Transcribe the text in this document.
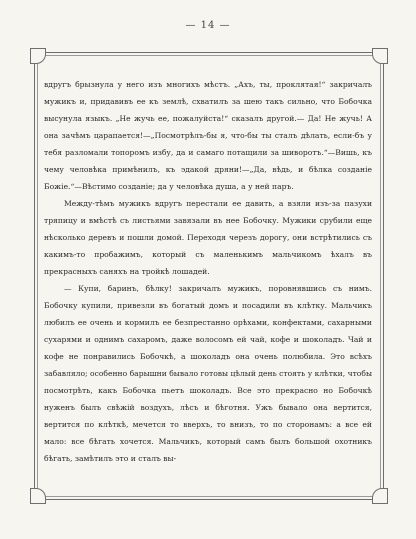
— 14 —

вдругъ брызнула у него изъ многихъ мѣстъ. „Ахъ, ты, проклятая!“ закричалъ мужикъ и, придавивъ ее къ землѣ, схватилъ за шею такъ сильно, что Бобочка высунула языкъ. „Не жучь ее, пожалуйста!“ сказалъ другой.— Да! Не жучь! А она зачѣмъ царапается!—„Посмотрѣлъ-бы я, что-бы ты сталъ дѣлать, если-бъ у тебя разломали топоромъ избу, да и самаго потащили за шиворотъ.“—Вишь, къ чему человѣка примѣнилъ, къ эдакой дряни!—„Да, вѣдь, и бѣлка созданіе Божіе.“—Вѣстимо созданіе; да у человѣка душа, а у ней паръ.

Между-тѣмъ мужикъ вдругъ перестали ее давить, а взяли изъ-за пазухи тряпицу и вмѣстѣ съ листьями завязали въ нее Бобочку. Мужики срубили еще нѣсколько деревъ и пошли домой. Переходя черезъ дорогу, они встрѣтились съ какимъ-то пробажимъ, который съ маленькимъ мальчикомъ ѣхалъ въ прекрасныхъ саняхъ на тройкѣ лошадей.

— Купи, баринъ, бѣлку! закричалъ мужикъ, поровнявшись съ нимъ. Бобочку купили, привезли въ богатый домъ и посадили въ клѣтку. Мальчикъ любилъ ее очень и кормилъ ее безпрестанно орѣхами, конфектами, сахарными сухарями и однимъ сахаромъ, даже волосомъ ей чай, кофе и шоколадъ. Чай и кофе не понравились Бобочкѣ, а шоколадъ она очень полюбила. Это всѣхъ забавляло; особенно барышни бывало готовы цѣлый день стоять у клѣтки, чтобы посмотрѣть, какъ Бобочка пьетъ шоколадъ. Все это прекрасно но Бобочкѣ нуженъ былъ свѣжій воздухъ, лѣсъ и бѣготня. Ужъ бывало она вертится, вертится по клѣткѣ, мечется то вверхъ, то внизъ, то по сторонамъ: а все ей мало: все бѣгать хочется. Мальчикъ, который самъ былъ большой охотникъ бѣгать, замѣтилъ это и сталъ вы-
